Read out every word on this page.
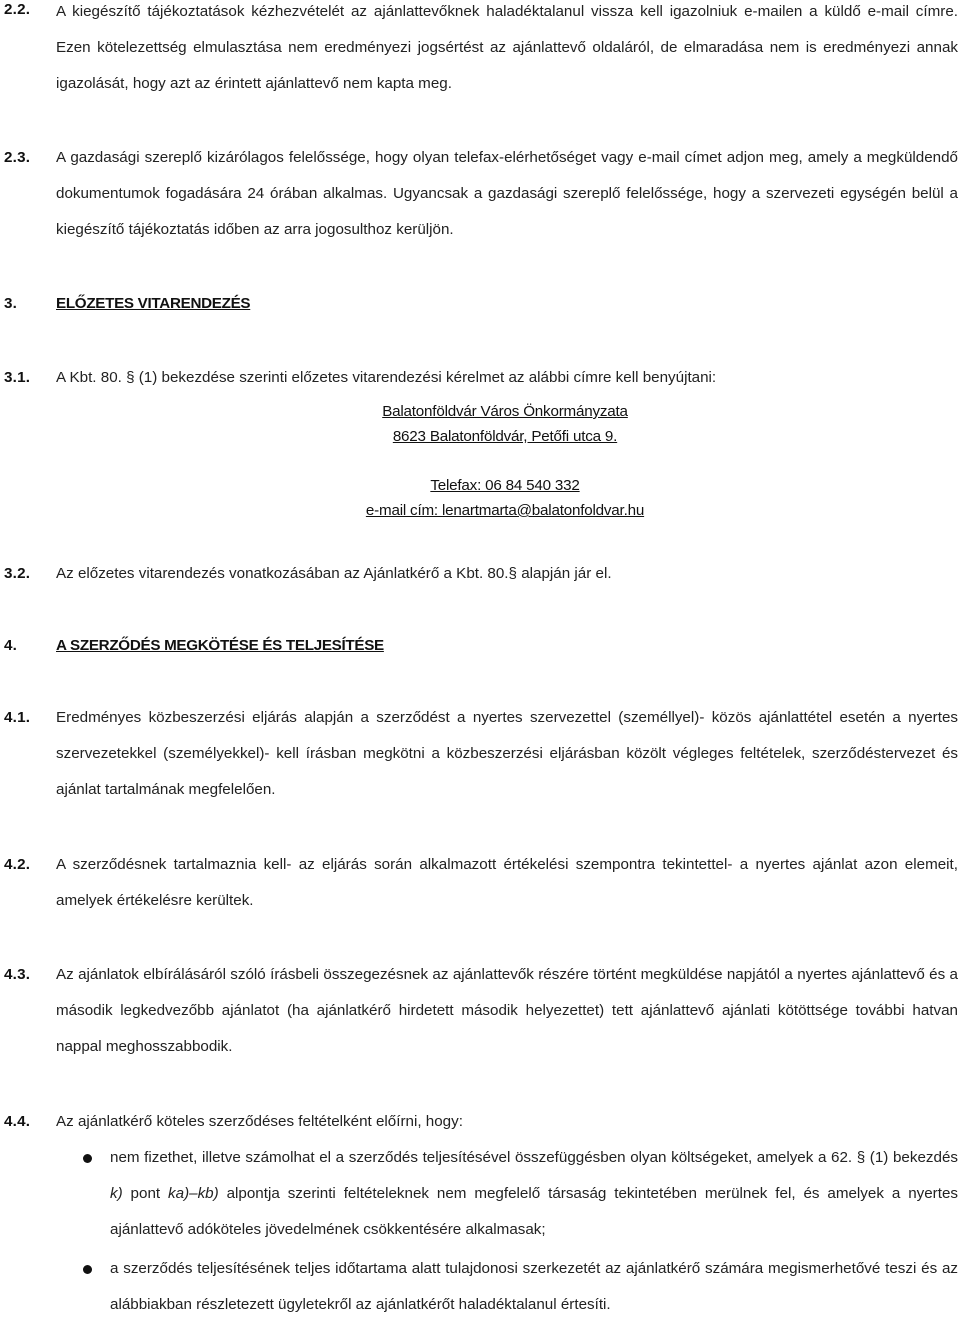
2.2. A kiegészítő tájékoztatások kézhezvételét az ajánlattevőknek haladéktalanul vissza kell igazolniuk e-mailen a küldő e-mail címre. Ezen kötelezettség elmulasztása nem eredményezi jogsértést az ajánlattevő oldaláról, de elmaradása nem is eredményezi annak igazolását, hogy azt az érintett ajánlattevő nem kapta meg.
2.3. A gazdasági szereplő kizárólagos felelőssége, hogy olyan telefax-elérhetőséget vagy e-mail címet adjon meg, amely a megküldendő dokumentumok fogadására 24 órában alkalmas. Ugyancsak a gazdasági szereplő felelőssége, hogy a szervezeti egységén belül a kiegészítő tájékoztatás időben az arra jogosulthoz kerüljön.
3.	ELŐZETES VITARENDEZÉS
3.1. A Kbt. 80. § (1) bekezdése szerinti előzetes vitarendezési kérelmet az alábbi címre kell benyújtani:
Balatonföldvár Város Önkormányzata
8623 Balatonföldvár, Petőfi utca 9.
Telefax: 06 84 540 332
e-mail cím: lenartmarta@balatonfoldvar.hu
3.2. Az előzetes vitarendezés vonatkozásában az Ajánlatkérő a Kbt. 80.§ alapján jár el.
4.	A SZERZŐDÉS MEGKÖTÉSE ÉS TELJESÍTÉSE
4.1. Eredményes közbeszerzési eljárás alapján a szerződést a nyertes szervezettel (személlyel)- közös ajánlattétel esetén a nyertes szervezetekkel (személyekkel)- kell írásban megkötni a közbeszerzési eljárásban közölt végleges feltételek, szerződéstervezet és ajánlat tartalmának megfelelően.
4.2. A szerződésnek tartalmaznia kell- az eljárás során alkalmazott értékelési szempontra tekintettel- a nyertes ajánlat azon elemeit, amelyek értékelésre kerültek.
4.3. Az ajánlatok elbírálásáról szóló írásbeli összegezésnek az ajánlattevők részére történt megküldése napjától a nyertes ajánlattevő és a második legkedvezőbb ajánlatot (ha ajánlatkérő hirdetett második helyezettet) tett ajánlattevő ajánlati kötöttsége további hatvan nappal meghosszabbodik.
4.4. Az ajánlatkérő köteles szerződéses feltételként előírni, hogy:
nem fizethet, illetve számolhat el a szerződés teljesítésével összefüggésben olyan költségeket, amelyek a 62. § (1) bekezdés k) pont ka)–kb) alpontja szerinti feltételeknek nem megfelelő társaság tekintetében merülnek fel, és amelyek a nyertes ajánlattevő adóköteles jövedelmének csökkentésére alkalmasak;
a szerződés teljesítésének teljes időtartama alatt tulajdonosi szerkezetét az ajánlatkérő számára megismerhetővé teszi és az alábbiakban részletezett ügyletekről az ajánlatkérőt haladéktalanul értesíti.
